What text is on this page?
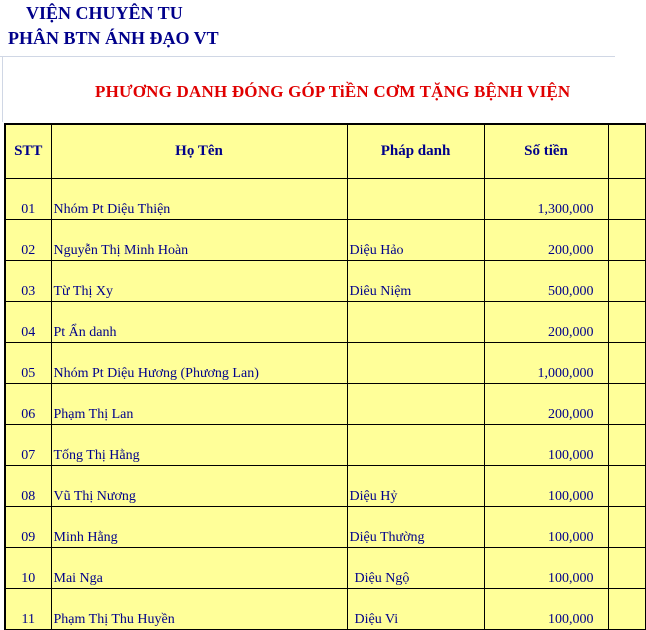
VIỆN CHUYÊN TU
PHÂN BTN ÁNH ĐẠO VT
PHƯƠNG DANH ĐÓNG GÓP TiỀN CƠM TẶNG BỆNH VIỆN
STT	Họ Tên	Pháp danh	Số tiền	
01	Nhóm Pt Diệu Thiện		1,300,000	
02	Nguyễn Thị Minh Hoàn	Diệu Hảo	200,000	
03	Từ Thị Xy	Diêu Niệm	500,000	
04	Pt Ẩn danh		200,000	
05	Nhóm Pt Diệu Hương (Phương Lan)		1,000,000	
06	Phạm Thị Lan		200,000	
07	Tống Thị Hằng		100,000	
08	Vũ Thị Nương	Diệu Hỷ	100,000	
09	Minh Hằng	Diệu Thường	100,000	
10	Mai Nga	Diệu Ngộ	100,000	
11	Phạm Thị Thu Huyền	Diệu Vi	100,000	
